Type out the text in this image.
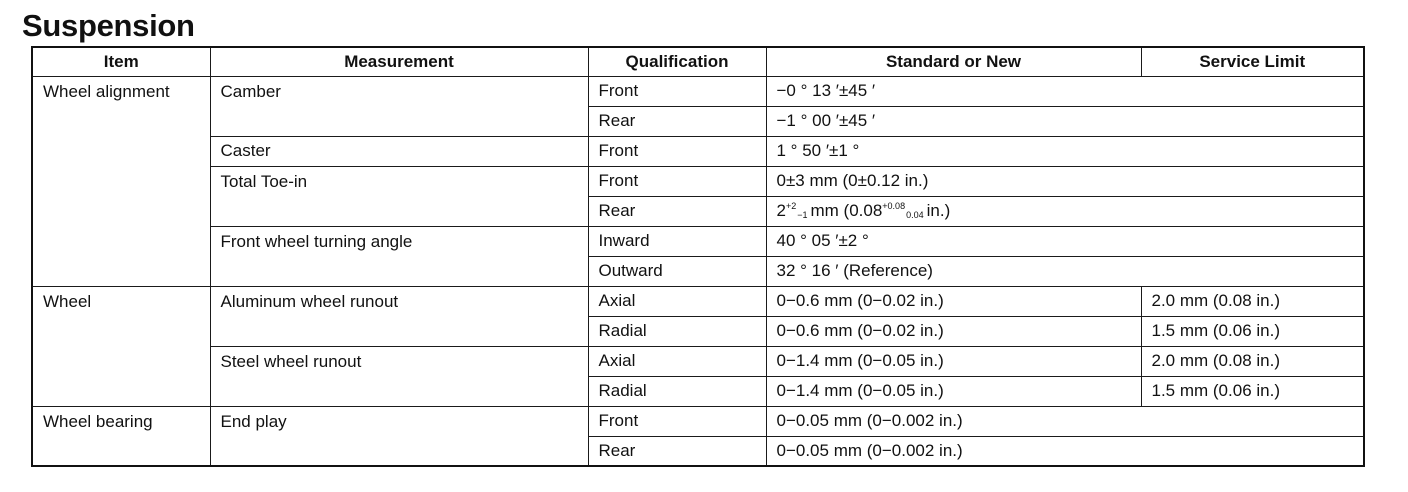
Suspension
Item	Measurement	Qualification	Standard or New	Service Limit
Wheel alignment	Camber	Front	−0 ° 13 ′±45 ′	
		Rear	−1 ° 00 ′±45 ′	
	Caster	Front	1 ° 50 ′±1 °	
	Total Toe-in	Front	0±3 mm (0±0.12 in.)	
		Rear	$2^{+2}_{-1}$ mm ($0.08^{+0.08}_{0.04}$ in.)	
	Front wheel turning angle	Inward	40 ° 05 ′±2 °	
		Outward	32 ° 16 ′ (Reference)	
Wheel	Aluminum wheel runout	Axial	0−0.6 mm (0−0.02 in.)	2.0 mm (0.08 in.)
		Radial	0−0.6 mm (0−0.02 in.)	1.5 mm (0.06 in.)
	Steel wheel runout	Axial	0−1.4 mm (0−0.05 in.)	2.0 mm (0.08 in.)
		Radial	0−1.4 mm (0−0.05 in.)	1.5 mm (0.06 in.)
Wheel bearing	End play	Front	0−0.05 mm (0−0.002 in.)	
		Rear	0−0.05 mm (0−0.002 in.)	
